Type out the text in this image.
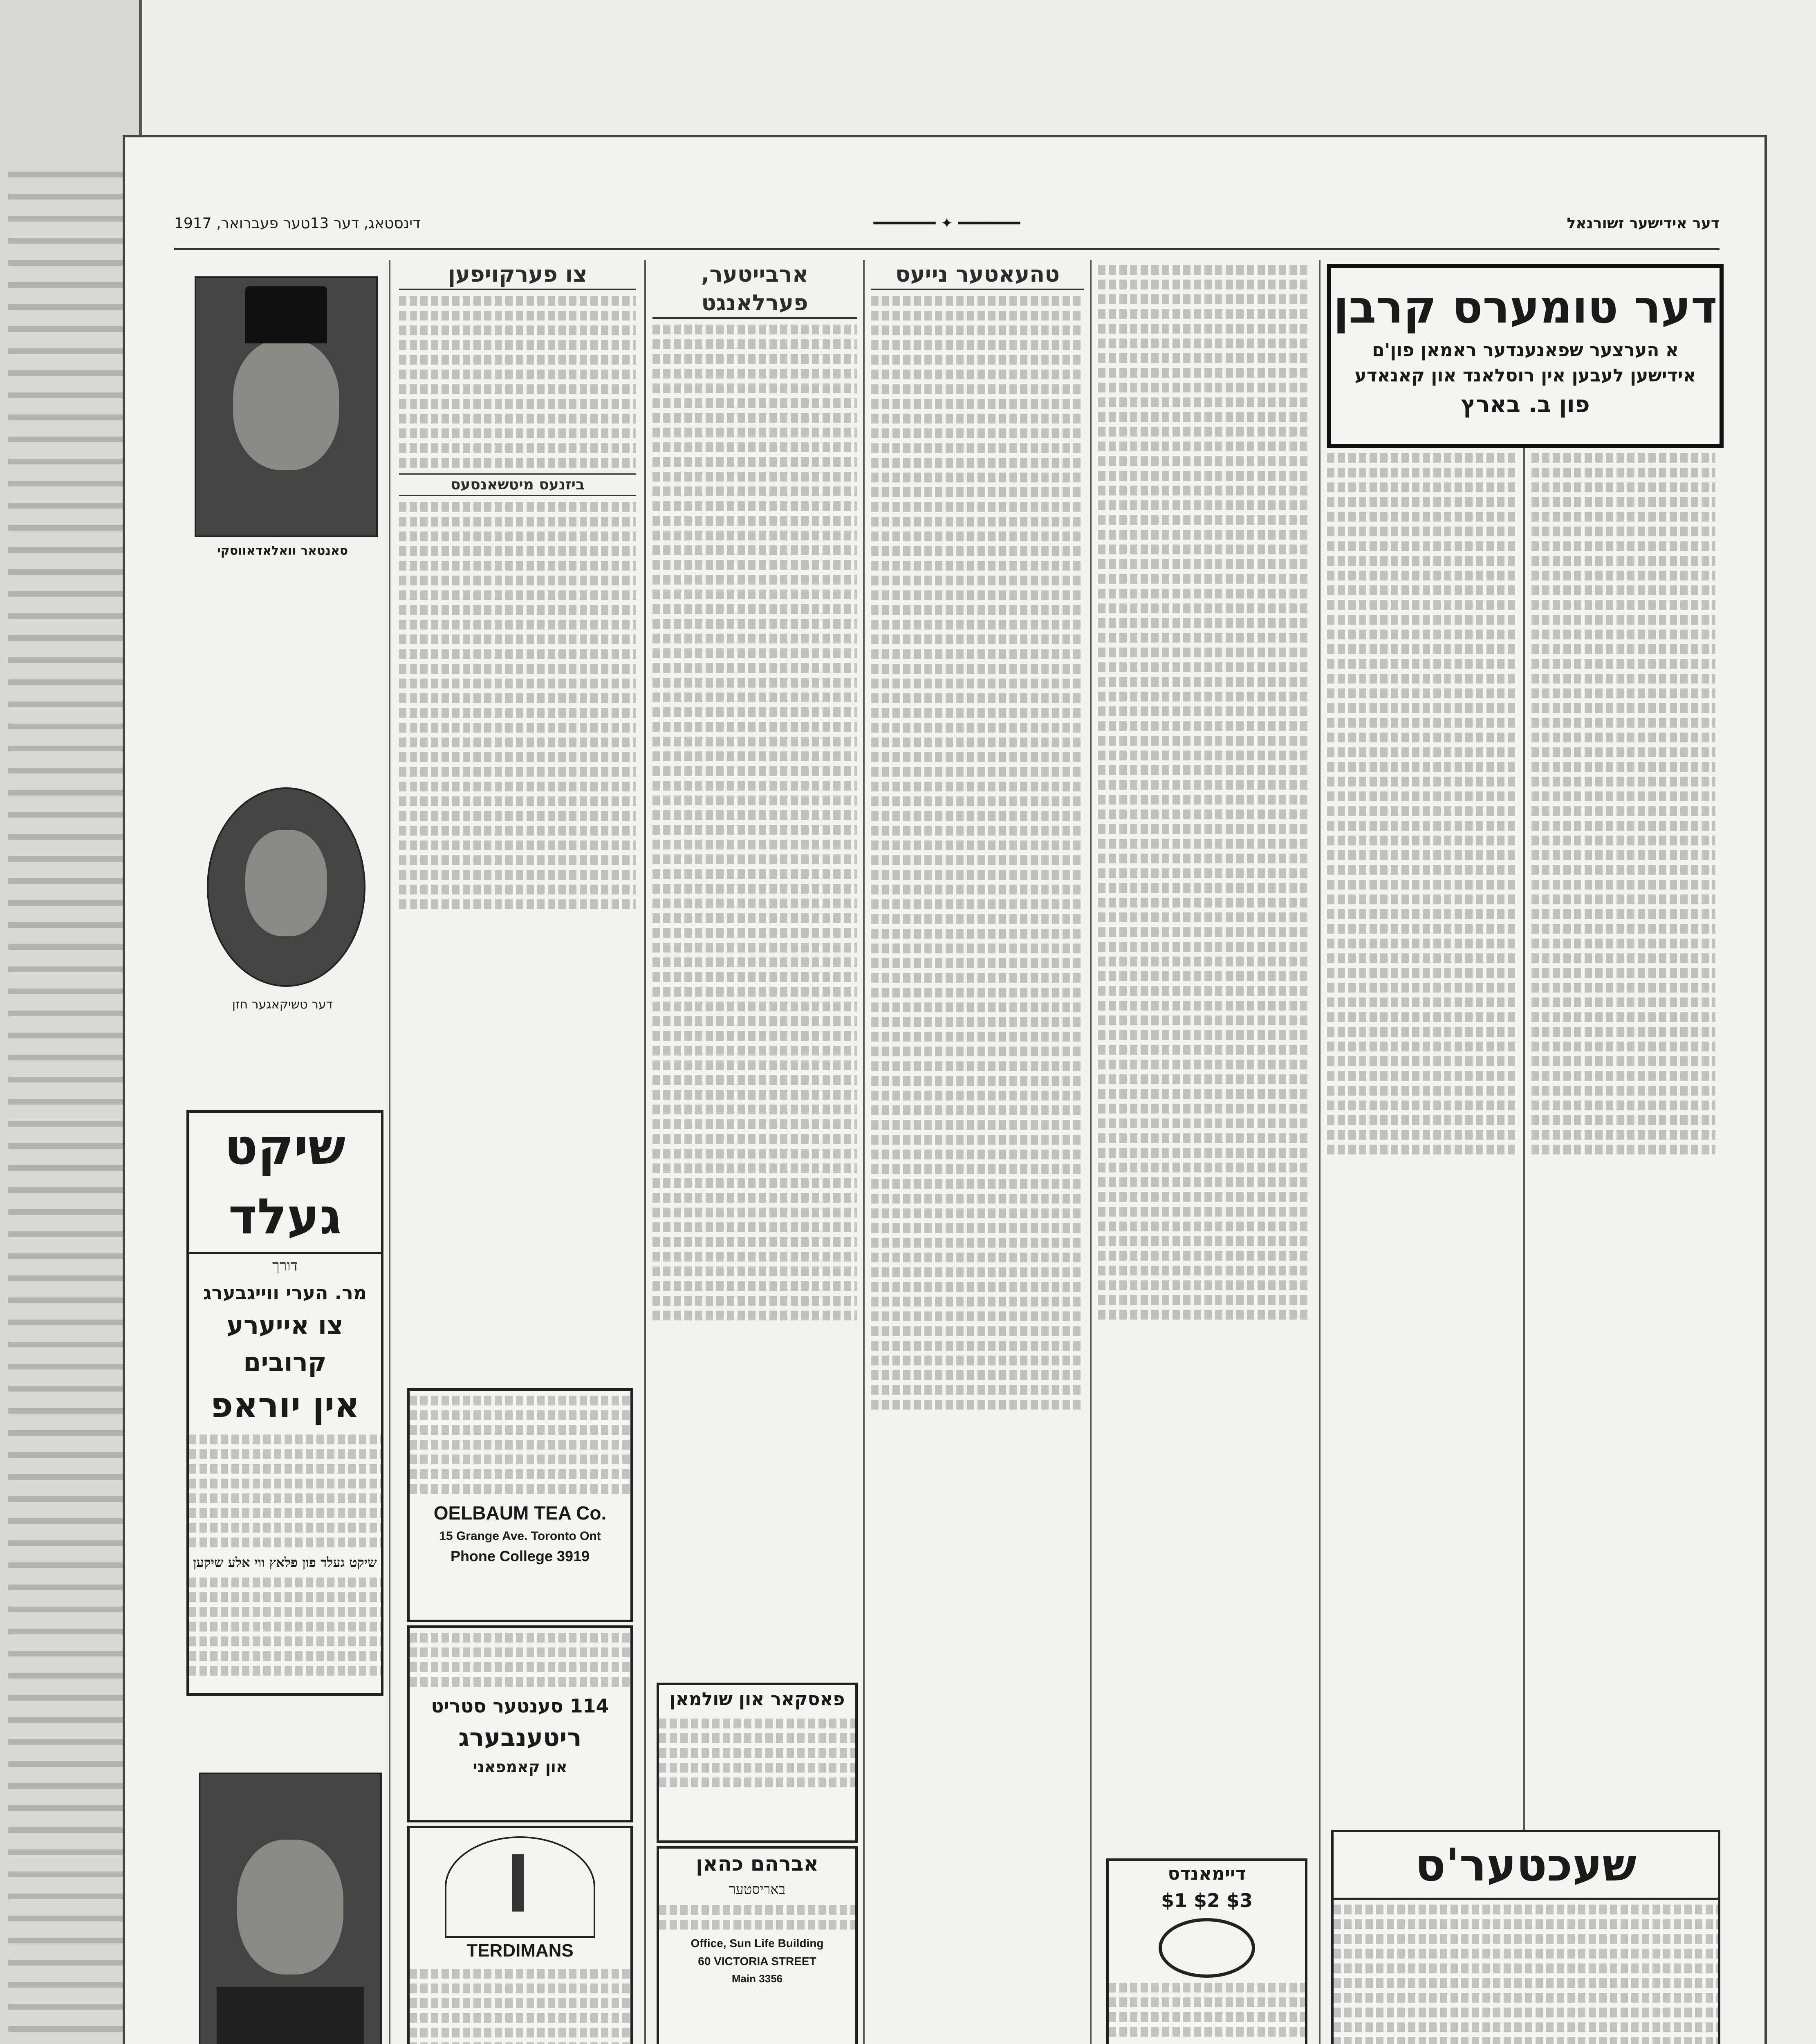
דער אידישער זשורנאל
━━━━━━━ ✦ ━━━━━━━
דינסטאג, דער 13טער פעברואר, 1917
דער טומערס קרבן
א הערצער שפאנענדער ראמאן פון'ם אידישען לעבען אין רוסלאנד און קאנאדע
פון ב. בארץ
סאנטאר וואלאדאווסקי
דער טשיקאגער חזן
שיקט געלד
דורך
מר. הערי ווייגבערג
צו אייערע קרובים
אין יוראפ
שיקט געלד פון פלאץ ווי אלע שיקען
צו פערקויפען
ביזנעס מיטשאנסעס
OELBAUM TEA Co.
15 Grange Ave. Toronto Ont
Phone College 3919
114 סענטער סטריט
ריטענבערג
און קאמפאני
TERDIMANS
ארבייטער, פערלאנגט
פאסקאר און שולמאן
אברהם כהאן
באריסטער
Office, Sun Life Building
60 VICTORIA STREET
Main 3356
טהעאטער נייעס
דיימאנדס
$1 $2 $3
שעכטער'ס
